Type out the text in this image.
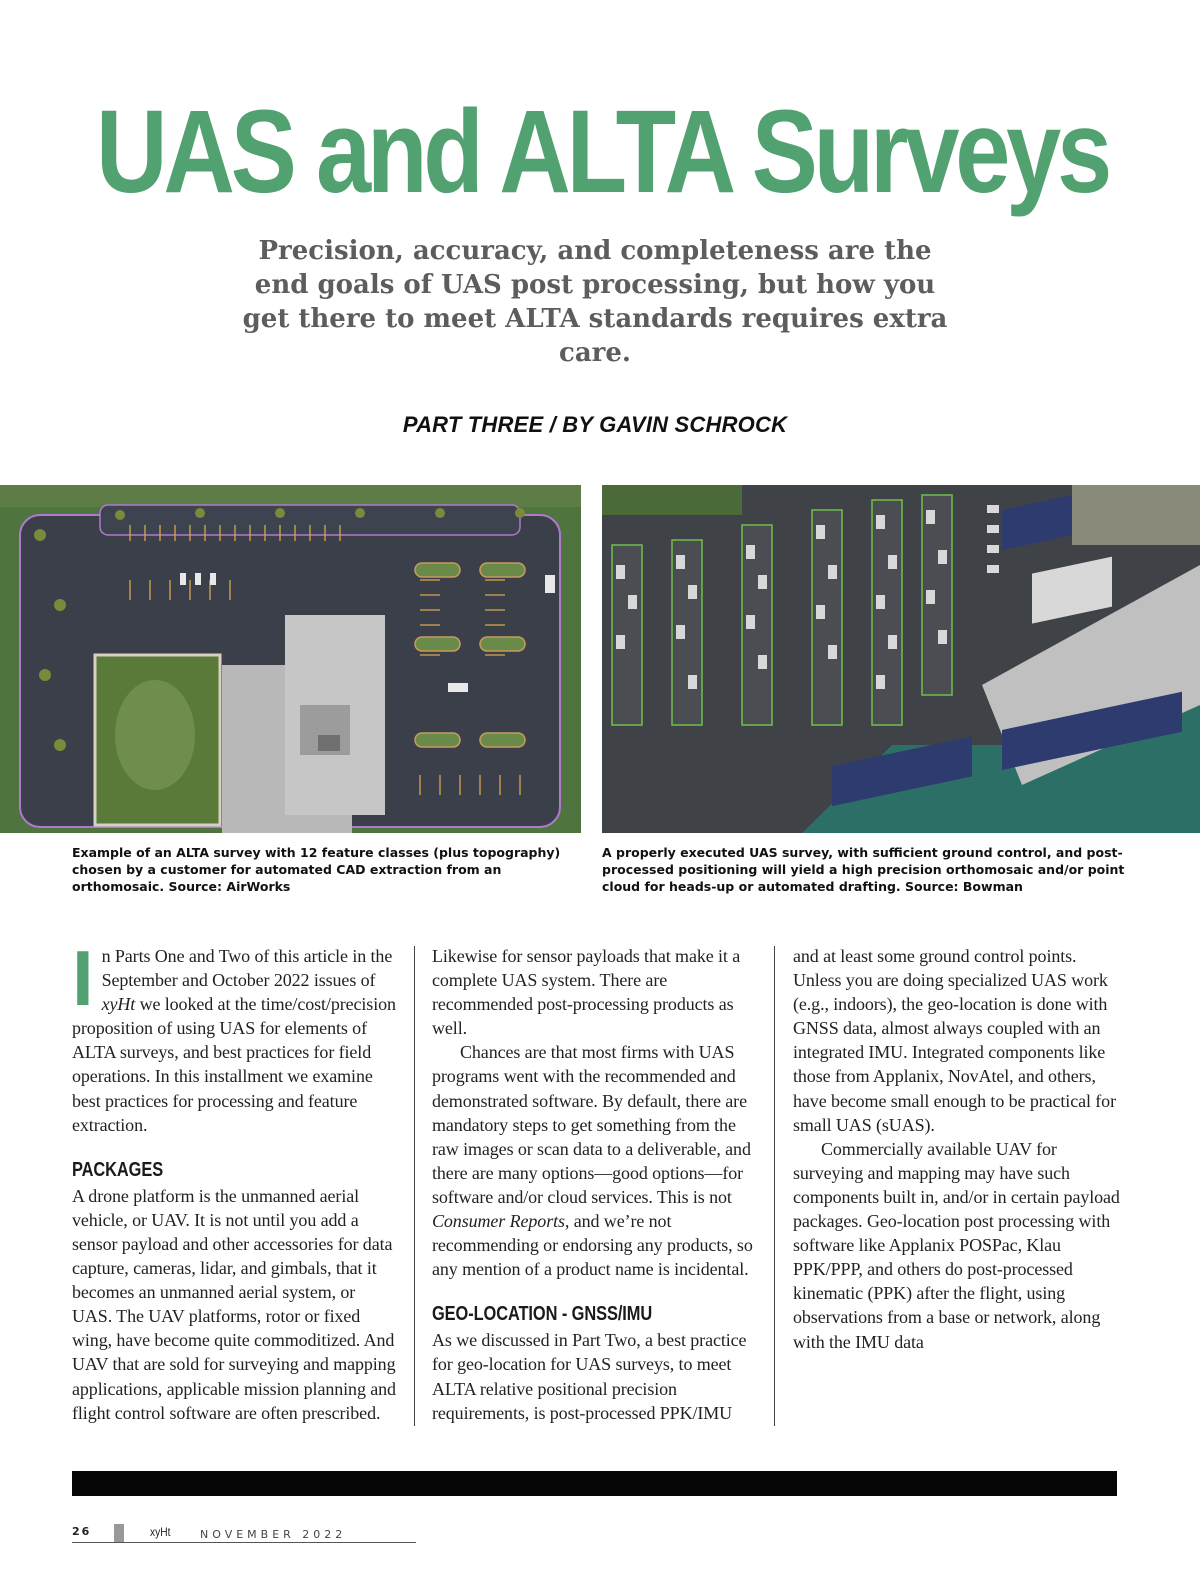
UAS and ALTA Surveys
Precision, accuracy, and completeness are the end goals of UAS post processing, but how you get there to meet ALTA standards requires extra care.
PART THREE / BY GAVIN SCHROCK
Example of an ALTA survey with 12 feature classes (plus topography) chosen by a customer for automated CAD extraction from an orthomosaic. Source: AirWorks
A properly executed UAS survey, with sufficient ground control, and post-processed positioning will yield a high precision orthomosaic and/or point cloud for heads-up or automated drafting. Source: Bowman

In Parts One and Two of this article in the September and October 2022 issues of xyHt we looked at the time/cost/precision proposition of using UAS for elements of ALTA surveys, and best practices for field operations. In this installment we examine best practices for processing and feature extraction.

PACKAGES

A drone platform is the unmanned aerial vehicle, or UAV. It is not until you add a sensor payload and other accessories for data capture, cameras, lidar, and gimbals, that it becomes an unmanned aerial system, or UAS. The UAV platforms, rotor or fixed wing, have become quite commoditized. And UAV that are sold for surveying and mapping applications, applicable mission planning and flight control software are often prescribed.

Likewise for sensor payloads that make it a complete UAS system. There are recommended post-processing products as well.

Chances are that most firms with UAS programs went with the recommended and demonstrated software. By default, there are mandatory steps to get something from the raw images or scan data to a deliverable, and there are many options—good options—for software and/or cloud services. This is not Consumer Reports, and we’re not recommending or endorsing any products, so any mention of a product name is incidental.

GEO-LOCATION - GNSS/IMU

As we discussed in Part Two, a best practice for geo-location for UAS surveys, to meet ALTA relative positional precision requirements, is post-processed PPK/IMU

and at least some ground control points. Unless you are doing specialized UAS work (e.g., indoors), the geo-location is done with GNSS data, almost always coupled with an integrated IMU. Integrated components like those from Applanix, NovAtel, and others, have become small enough to be practical for small UAS (sUAS).

Commercially available UAV for surveying and mapping may have such components built in, and/or in certain payload packages. Geo-location post processing with software like Applanix POSPac, Klau PPK/PPP, and others do post-processed kinematic (PPK) after the flight, using observations from a base or network, along with the IMU data

26	xyHt	NOVEMBER 2022
